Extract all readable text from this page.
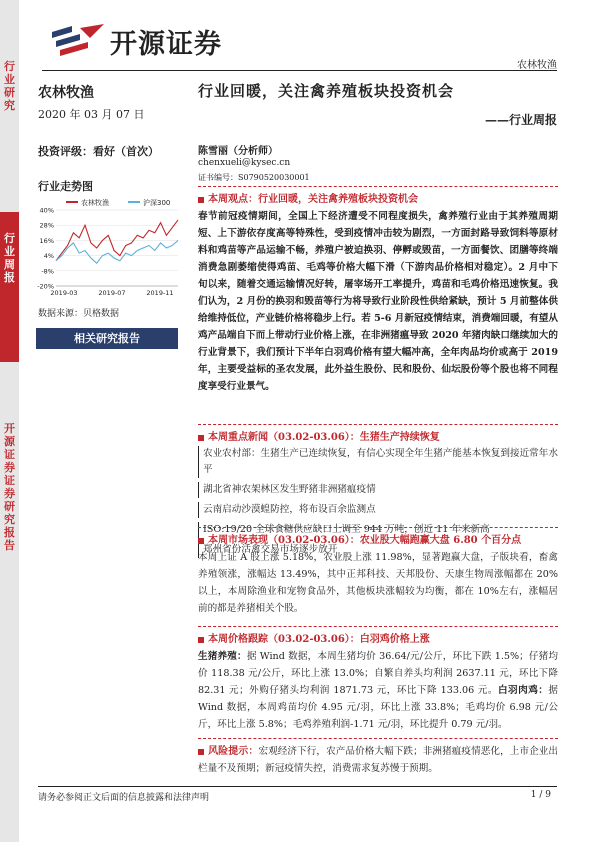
行业研究
行业周报
开源证券 证券研究报告
开源证券
农林牧渔
农林牧渔
2020 年 03 月 07 日
投资评级：看好（首次）
行业走势图
农林牧渔	沪深300
40%
28%
16%
4%
-8%
-20%
2019-03	2019-07	2019-11
数据来源：贝格数据
相关研究报告
行业回暖，关注禽养殖板块投资机会
——行业周报
陈雪丽（分析师）
chenxueli@kysec.cn
证书编号：S0790520030001
本周观点：行业回暖，关注禽养殖板块投资机会
春节前冠疫情期间，全国上下经济遭受不同程度损失，禽养殖行业由于其养殖周期短、上下游依存度高等特殊性，受到疫情冲击较为剧烈，一方面封路导致饲料等原材料和鸡苗等产品运输不畅，养殖户被迫换羽、停孵或毁苗，一方面餐饮、团膳等终端消费急剧萎缩使得鸡苗、毛鸡等价格大幅下滑（下游肉品价格相对稳定）。2 月中下旬以来，随着交通运输情况好转，屠宰场开工率提升，鸡苗和毛鸡价格迅速恢复。我们认为，2 月份的换羽和毁苗等行为将导致行业阶段性供给紧缺，预计 5 月前整体供给维持低位，产业链价格将稳步上行。若 5-6 月新冠疫情结束，消费端回暖，有望从鸡产品端自下而上带动行业价格上涨，在非洲猪瘟导致 2020 年猪肉缺口继续加大的行业背景下，我们预计下半年白羽鸡价格有望大幅冲高，全年肉品均价或高于 2019 年，主要受益标的圣农发展，此外益生股份、民和股份、仙坛股份等个股也将不同程度享受行业景气。
本周重点新闻（03.02-03.06）：生猪生产持续恢复
农业农村部：生猪生产已连续恢复，有信心实现全年生猪产能基本恢复到接近常年水平
湖北省神农架林区发生野猪非洲猪瘟疫情
云南启动沙漠蝗防控，将布设百余监测点
ISO:19/20 全球食糖供应缺口上调至 944 万吨，创近 11 年来新高
郑州省份活禽交易市场逐步放开
本周市场表现（03.02-03.06）：农业股大幅跑赢大盘 6.80 个百分点
本周上证 A 股上涨 5.18%，农业股上涨 11.98%，显著跑赢大盘，子版块看，畜禽养殖领涨，涨幅达 13.49%，其中正邦科技、天邦股份、天康生物周涨幅都在 20%以上，本周除渔业和宠物食品外，其他板块涨幅较为均衡，都在 10%左右，涨幅居前的都是养猪相关个股。
本周价格跟踪（03.02-03.06）：白羽鸡价格上涨
生猪养殖：据 Wind 数据，本周生猪均价 36.64/元/公斤，环比下跌 1.5%；仔猪均价 118.38 元/公斤，环比上涨 13.0%；自繁自养头均利润 2637.11 元，环比下降 82.31 元；外购仔猪头均利润 1871.73 元，环比下降 133.06 元。白羽肉鸡：据 Wind 数据，本周鸡苗均价 4.95 元/羽，环比上涨 33.8%；毛鸡均价 6.98 元/公斤，环比上涨 5.8%；毛鸡养殖利润-1.71 元/羽，环比提升 0.79 元/羽。
风险提示：宏观经济下行，农产品价格大幅下跌；非洲猪瘟疫情恶化，上市企业出栏量不及预期；新冠疫情失控，消费需求复苏慢于预期。
请务必参阅正文后面的信息披露和法律声明	1 / 9
